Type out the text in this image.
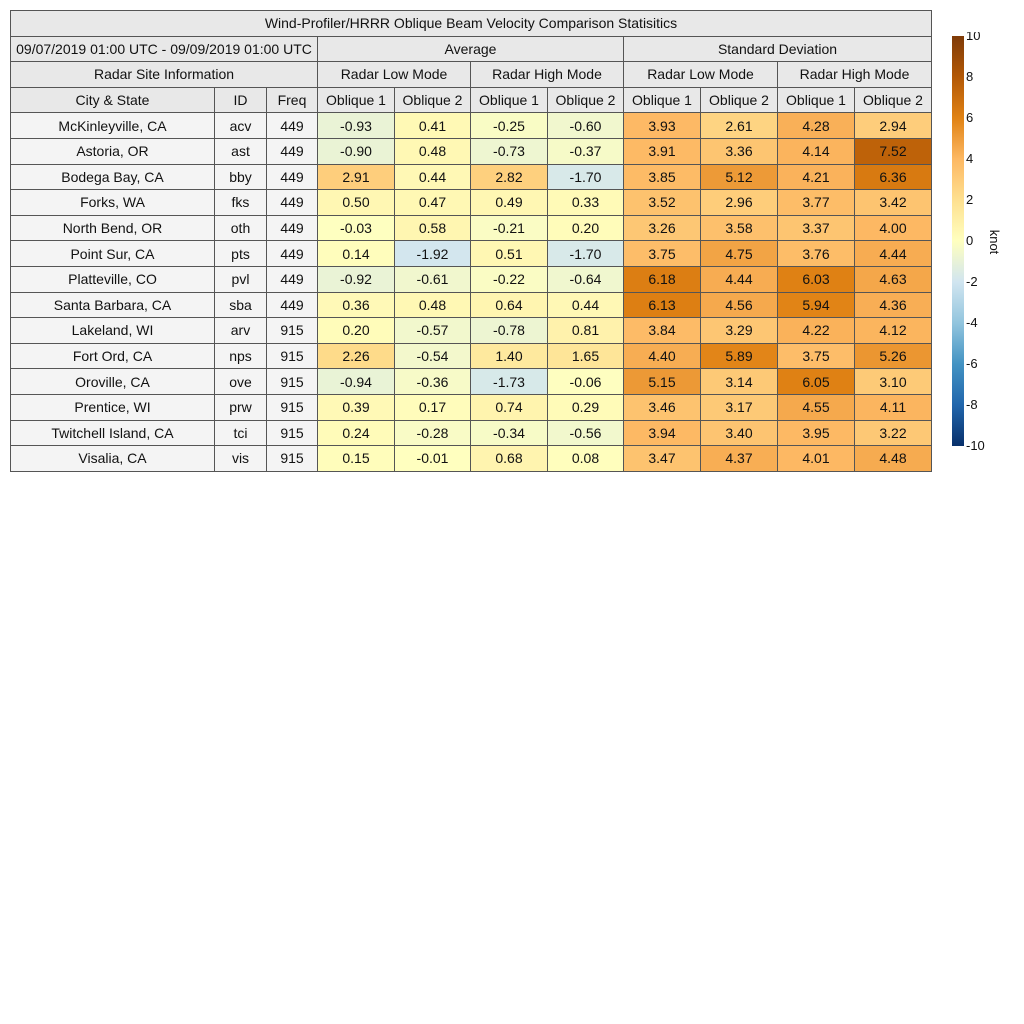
Wind-Profiler/HRRR Oblique Beam Velocity Comparison Statisitics										
09/07/2019 01:00 UTC - 09/09/2019 01:00 UTC			Average				Standard Deviation			
Radar Site Information			Radar Low Mode		Radar High Mode		Radar Low Mode		Radar High Mode	
City & State	ID	Freq	Oblique 1	Oblique 2	Oblique 1	Oblique 2	Oblique 1	Oblique 2	Oblique 1	Oblique 2
McKinleyville, CA	acv	449	-0.93	0.41	-0.25	-0.60	3.93	2.61	4.28	2.94
Astoria, OR	ast	449	-0.90	0.48	-0.73	-0.37	3.91	3.36	4.14	7.52
Bodega Bay, CA	bby	449	2.91	0.44	2.82	-1.70	3.85	5.12	4.21	6.36
Forks, WA	fks	449	0.50	0.47	0.49	0.33	3.52	2.96	3.77	3.42
North Bend, OR	oth	449	-0.03	0.58	-0.21	0.20	3.26	3.58	3.37	4.00
Point Sur, CA	pts	449	0.14	-1.92	0.51	-1.70	3.75	4.75	3.76	4.44
Platteville, CO	pvl	449	-0.92	-0.61	-0.22	-0.64	6.18	4.44	6.03	4.63
Santa Barbara, CA	sba	449	0.36	0.48	0.64	0.44	6.13	4.56	5.94	4.36
Lakeland, WI	arv	915	0.20	-0.57	-0.78	0.81	3.84	3.29	4.22	4.12
Fort Ord, CA	nps	915	2.26	-0.54	1.40	1.65	4.40	5.89	3.75	5.26
Oroville, CA	ove	915	-0.94	-0.36	-1.73	-0.06	5.15	3.14	6.05	3.10
Prentice, WI	prw	915	0.39	0.17	0.74	0.29	3.46	3.17	4.55	4.11
Twitchell Island, CA	tci	915	0.24	-0.28	-0.34	-0.56	3.94	3.40	3.95	3.22
Visalia, CA	vis	915	0.15	-0.01	0.68	0.08	3.47	4.37	4.01	4.48
10
8
6
4
2
0
-2
-4
-6
-8
-10
knot
